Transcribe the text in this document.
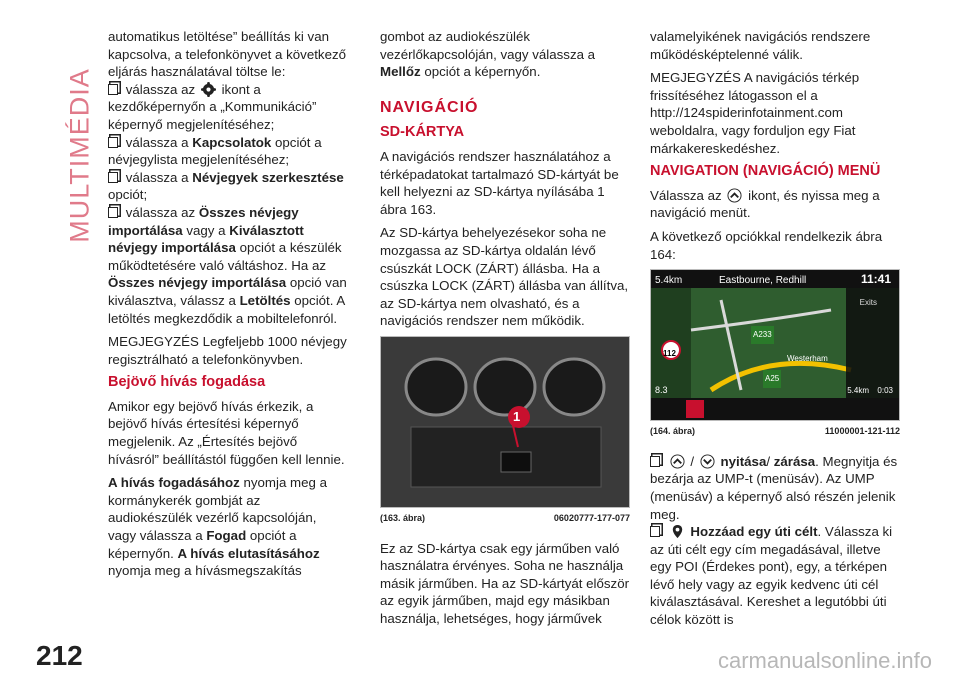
MULTIMÉDIA

automatikus letöltése” beállítás ki van kapcsolva, a telefonkönyvet a következő eljárás használatával töltse le:

válassza az ikont a kezdőképernyőn a „Kommunikáció” képernyő megjelenítéséhez;

válassza a Kapcsolatok opciót a névjegylista megjelenítéséhez;

válassza a Névjegyek szerkesztése opciót;

válassza az Összes névjegy importálása vagy a Kiválasztott névjegy importálása opciót a készülék működtetésére való váltáshoz. Ha az Összes névjegy importálása opció van kiválasztva, válassz a Letöltés opciót. A letöltés megkezdődik a mobiltelefonról.

MEGJEGYZÉS Legfeljebb 1000 névjegy regisztrálható a telefonkönyvben.

Bejövő hívás fogadása

Amikor egy bejövő hívás érkezik, a bejövő hívás értesítési képernyő megjelenik. Az „Értesítés bejövő hívásról” beállítástól függően kell lennie.

A hívás fogadásához nyomja meg a kormánykerék gombját az audiokészülék vezérlő kapcsolóján, vagy válassza a Fogad opciót a képernyőn. A hívás elutasításához nyomja meg a hívásmegszakítás

gombot az audiokészülék vezérlőkapcsolóján, vagy válassza a Mellőz opciót a képernyőn.

NAVIGÁCIÓ
SD-KÁRTYA

A navigációs rendszer használatához a térképadatokat tartalmazó SD-kártyát be kell helyezni az SD-kártya nyílásába 1 ábra 163.

Az SD-kártya behelyezésekor soha ne mozgassa az SD-kártya oldalán lévő csúszkát LOCK (ZÁRT) állásba. Ha a csúszka LOCK (ZÁRT) állásba van állítva, az SD-kártya nem olvasható, és a navigációs rendszer nem működik.

1
(163. ábra)	06020777-177-077

Ez az SD-kártya csak egy járműben való használatra érvényes. Soha ne használja másik járműben. Ha az SD-kártyát először az egyik járműben, majd egy másikban használja, lehetséges, hogy járművek

valamelyikének navigációs rendszere működésképtelenné válik.

MEGJEGYZÉS A navigációs térkép frissítéséhez látogasson el a http://124spiderinfotainment.com weboldalra, vagy forduljon egy Fiat márkakereskedéshez.

NAVIGATION (NAVIGÁCIÓ) MENÜ

Válassza az ikont, és nyissa meg a navigáció menüt.

A következő opciókkal rendelkezik ábra 164:

5.4km	Eastbourne, Redhill	11:41
Exits
A233
A25
112
Westerham
8.3	5.4km 0:03
(164. ábra)	11000001-121-112

/ nyitása/ zárása. Megnyitja és bezárja az UMP-t (menüsáv). Az UMP (menüsáv) a képernyő alsó részén jelenik meg.

Hozzáad egy úti célt. Válassza ki az úti célt egy cím megadásával, illetve egy POI (Érdekes pont), egy, a térképen lévő hely vagy az egyik kedvenc úti cél kiválasztásával. Kereshet a legutóbbi úti célok között is

212	carmanualsonline.info
